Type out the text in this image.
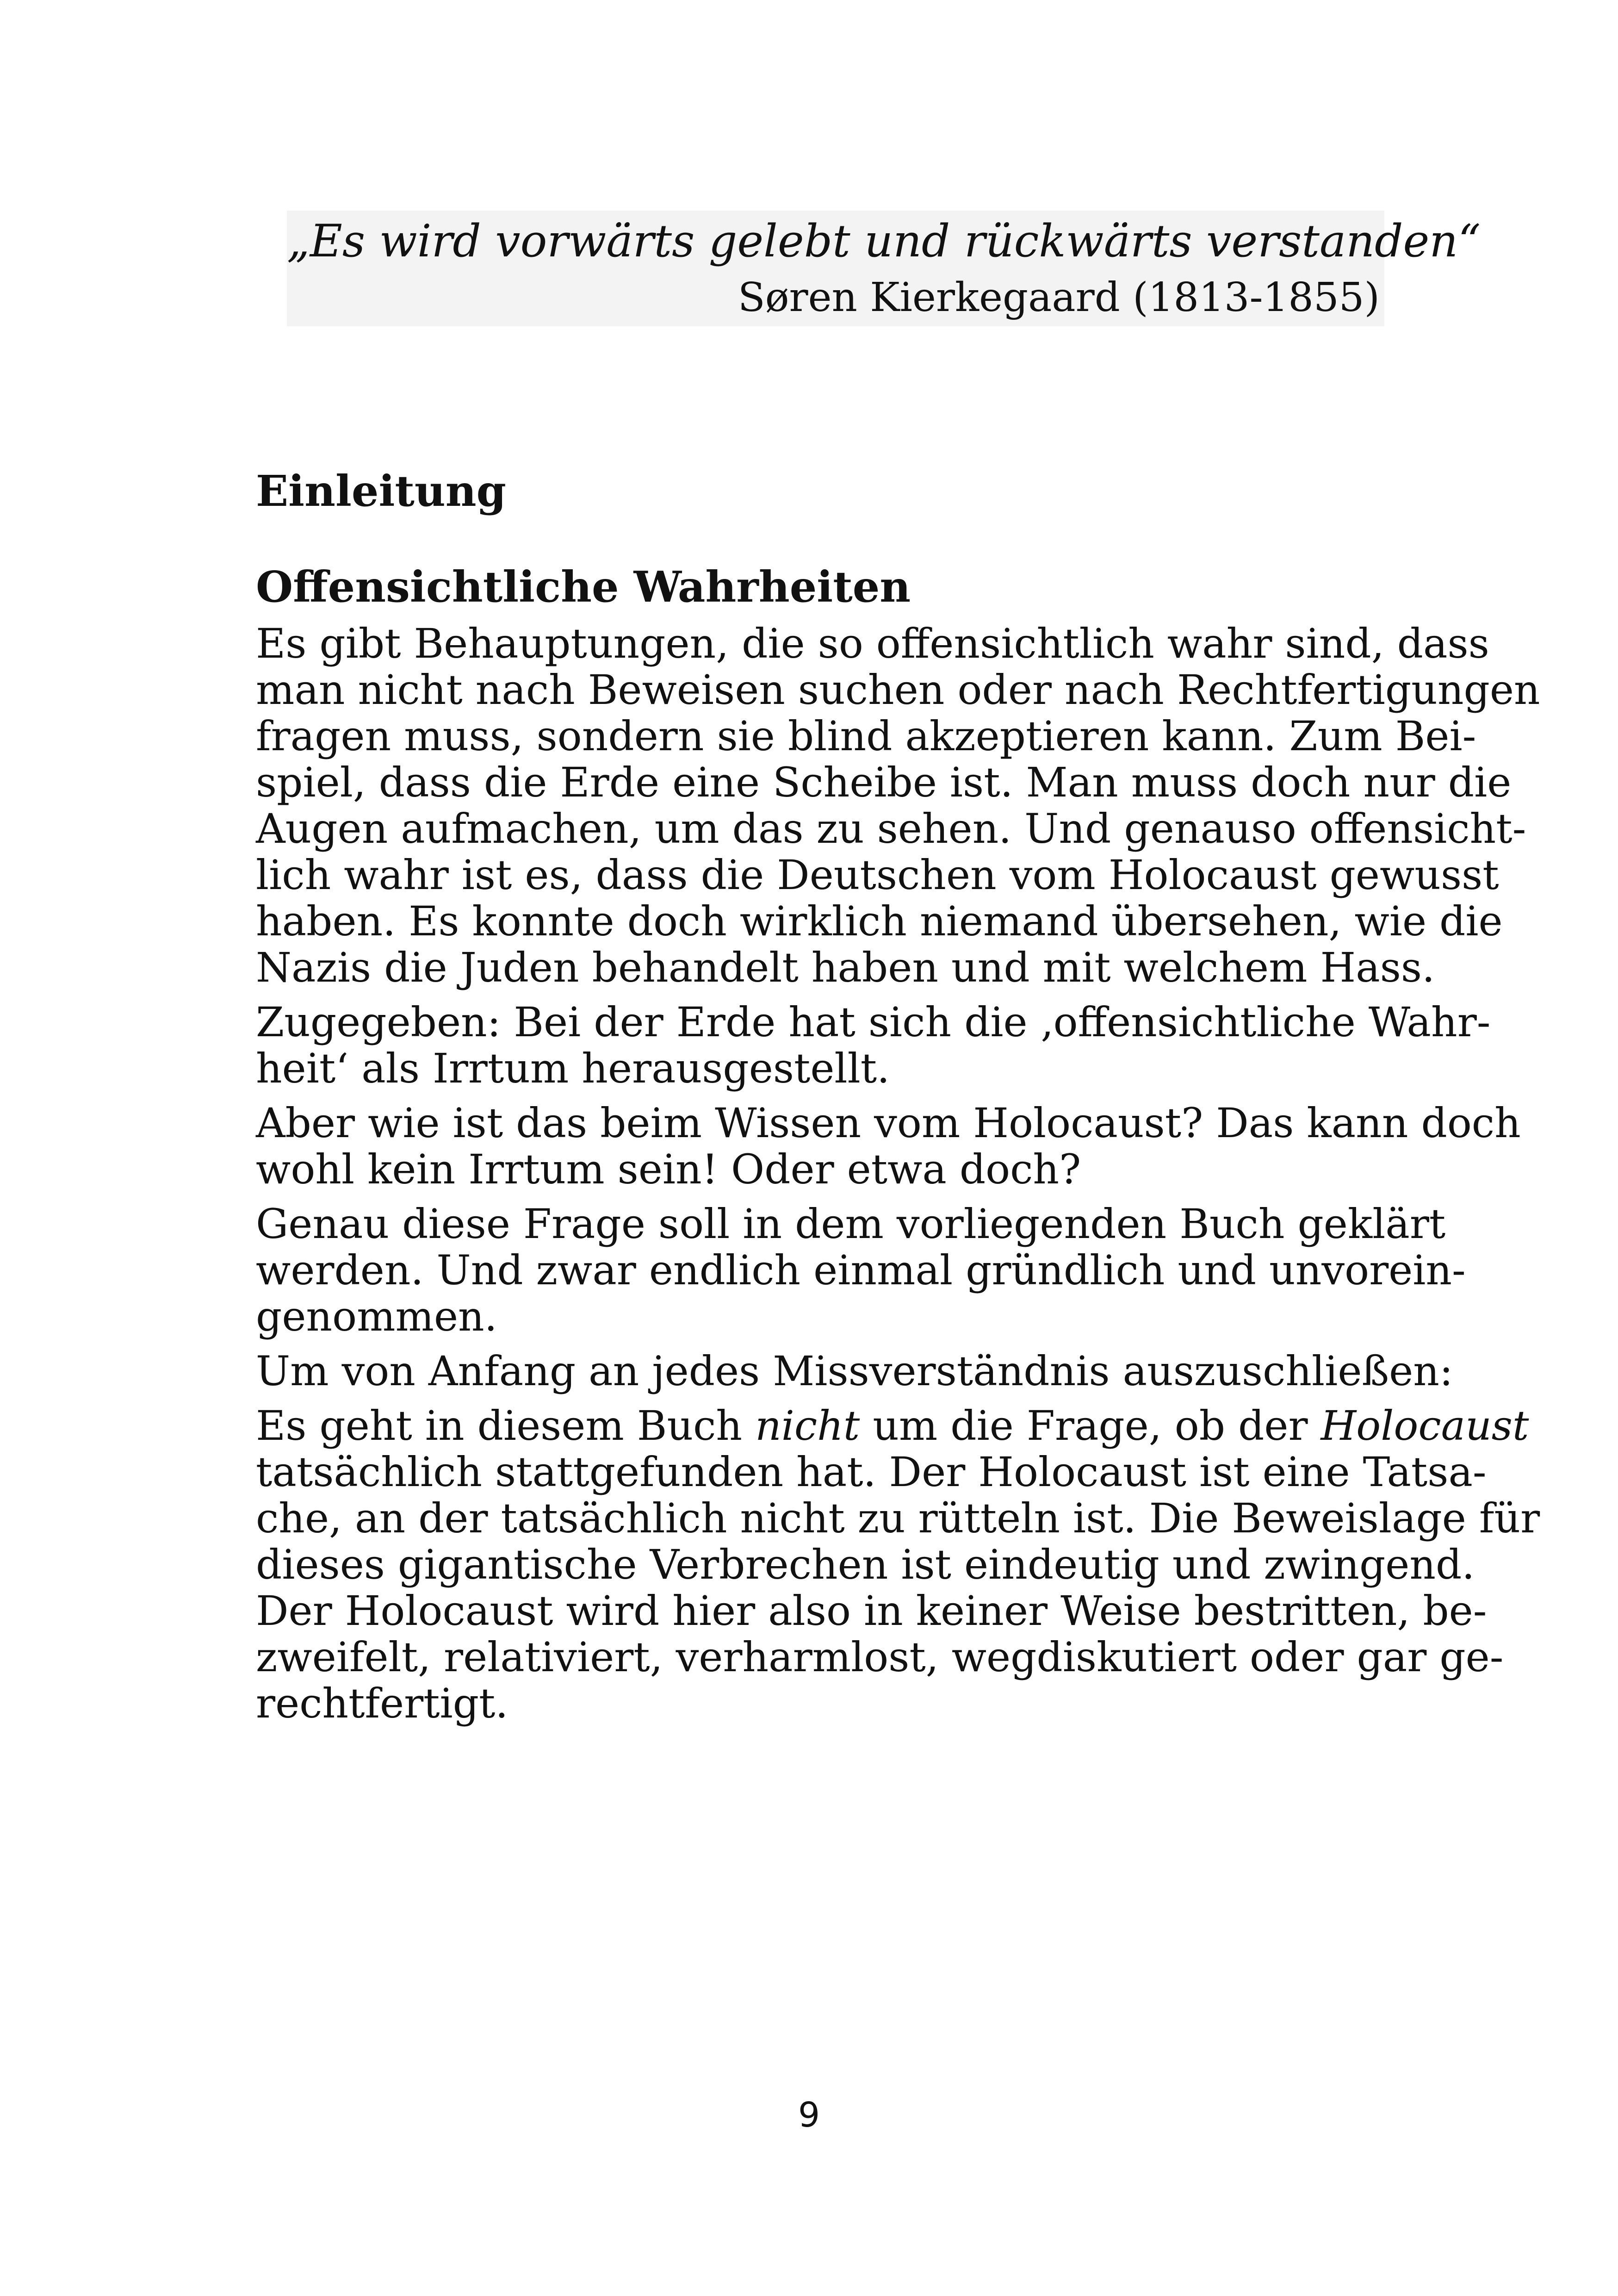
„Es wird vorwärts gelebt und rückwärts verstanden“

Søren Kierkegaard (1813-1855)

Einleitung
Offensichtliche Wahrheiten
Es gibt Behauptungen, die so offensichtlich wahr sind, dass
man nicht nach Beweisen suchen oder nach Rechtfertigungen
fragen muss, sondern sie blind akzeptieren kann. Zum Bei-
spiel, dass die Erde eine Scheibe ist. Man muss doch nur die
Augen aufmachen, um das zu sehen. Und genauso offensicht-
lich wahr ist es, dass die Deutschen vom Holocaust gewusst
haben. Es konnte doch wirklich niemand übersehen, wie die
Nazis die Juden behandelt haben und mit welchem Hass.
Zugegeben: Bei der Erde hat sich die ‚offensichtliche Wahr-
heit‘ als Irrtum herausgestellt.
Aber wie ist das beim Wissen vom Holocaust? Das kann doch
wohl kein Irrtum sein! Oder etwa doch?
Genau diese Frage soll in dem vorliegenden Buch geklärt
werden. Und zwar endlich einmal gründlich und unvorein-
genommen.
Um von Anfang an jedes Missverständnis auszuschließen:
Es geht in diesem Buch nicht um die Frage, ob der Holocaust
tatsächlich stattgefunden hat. Der Holocaust ist eine Tatsa-
che, an der tatsächlich nicht zu rütteln ist. Die Beweislage für
dieses gigantische Verbrechen ist eindeutig und zwingend.
Der Holocaust wird hier also in keiner Weise bestritten, be-
zweifelt, relativiert, verharmlost, wegdiskutiert oder gar ge-
rechtfertigt.

9
